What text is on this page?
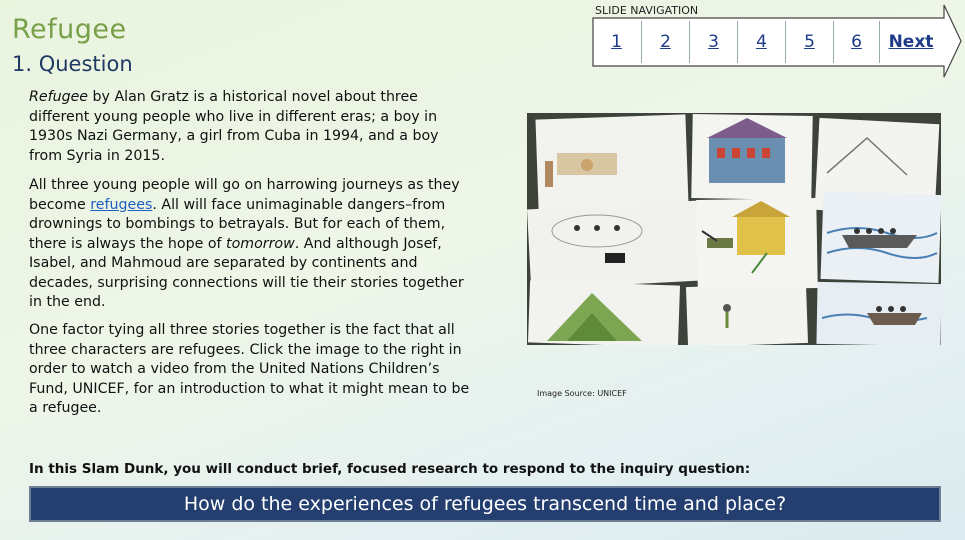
Refugee
1. Question
SLIDE NAVIGATION
1	2	3	4	5	6	Next
Refugee by Alan Gratz is a historical novel about three different young people who live in different eras; a boy in 1930s Nazi Germany, a girl from Cuba in 1994, and a boy from Syria in 2015.
All three young people will go on harrowing journeys as they become refugees. All will face unimaginable dangers–from drownings to bombings to betrayals. But for each of them, there is always the hope of tomorrow. And although Josef, Isabel, and Mahmoud are separated by continents and decades, surprising connections will tie their stories together in the end.
One factor tying all three stories together is the fact that all three characters are refugees. Click the image to the right in order to watch a video from the United Nations Children’s Fund, UNICEF, for an introduction to what it might mean to be a refugee.
Image Source: UNICEF
In this Slam Dunk, you will conduct brief, focused research to respond to the inquiry question:
How do the experiences of refugees transcend time and place?
